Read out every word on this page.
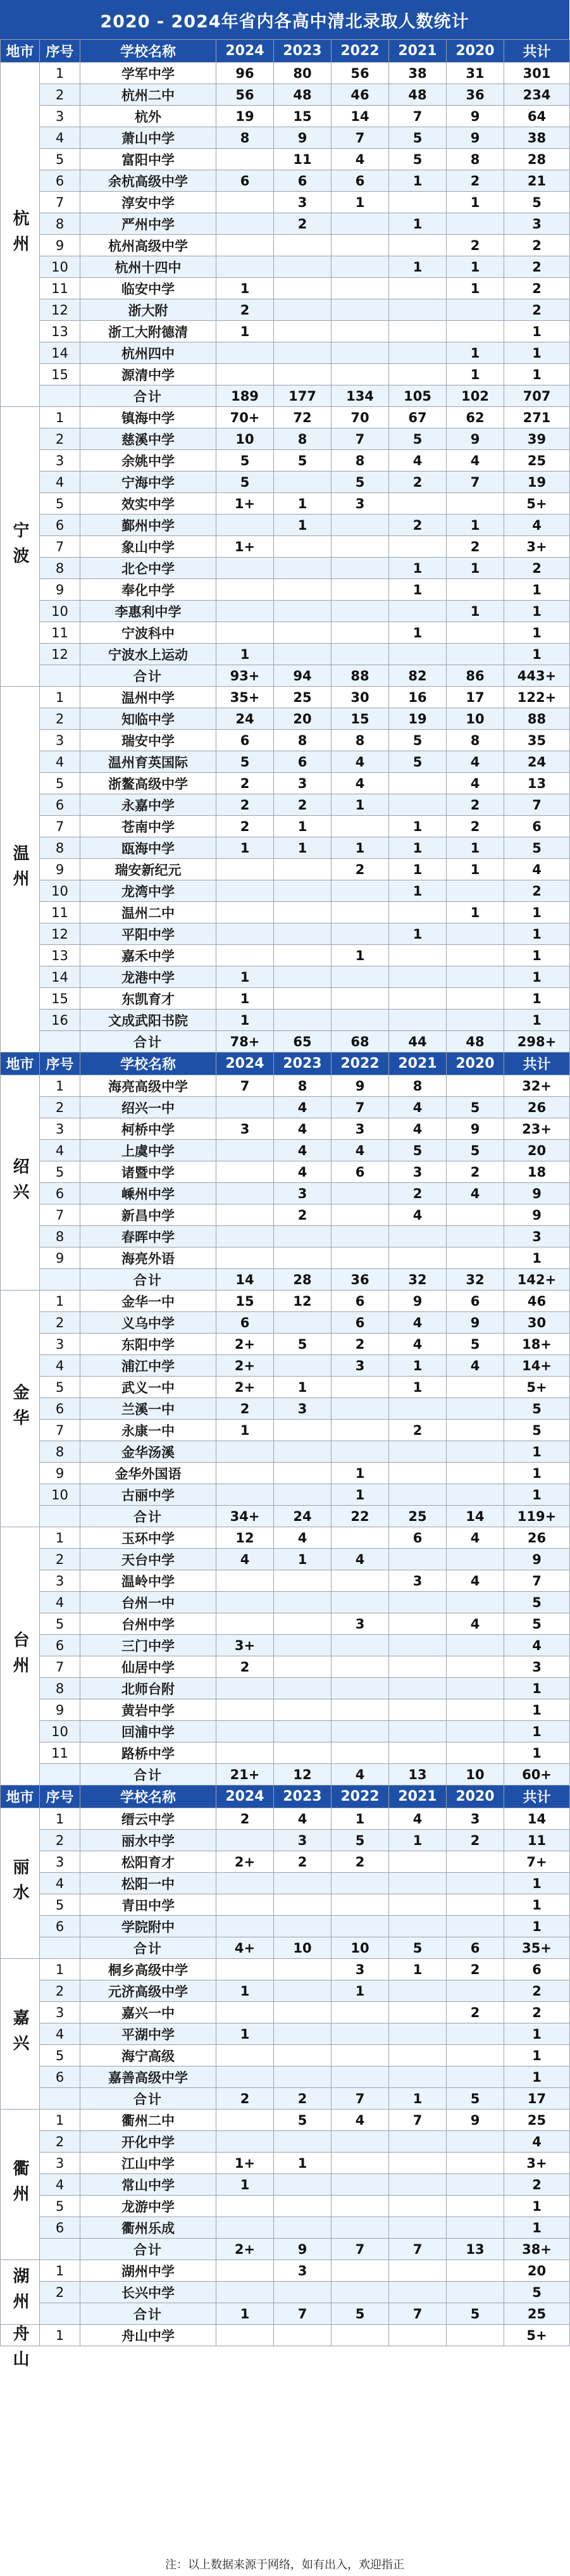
2020 - 2024年省内各高中清北录取人数统计
地市	序号	学校名称	2024	2023	2022	2021	2020	共计
杭州	1	学军中学	96	80	56	38	31	301
	2	杭州二中	56	48	46	48	36	234
	3	杭外	19	15	14	7	9	64
	4	萧山中学	8	9	7	5	9	38
	5	富阳中学		11	4	5	8	28
	6	余杭高级中学	6	6	6	1	2	21
	7	淳安中学		3	1		1	5
	8	严州中学		2		1		3
	9	杭州高级中学					2	2
	10	杭州十四中				1	1	2
	11	临安中学	1				1	2
	12	浙大附	2					2
	13	浙工大附德清	1					1
	14	杭州四中					1	1
	15	源清中学					1	1
		合计	189	177	134	105	102	707
宁波	1	镇海中学	70+	72	70	67	62	271
	2	慈溪中学	10	8	7	5	9	39
	3	余姚中学	5	5	8	4	4	25
	4	宁海中学	5		5	2	7	19
	5	效实中学	1+	1	3			5+
	6	鄞州中学		1		2	1	4
	7	象山中学	1+				2	3+
	8	北仑中学				1	1	2
	9	奉化中学				1		1
	10	李惠利中学					1	1
	11	宁波科中				1		1
	12	宁波水上运动	1					1
		合计	93+	94	88	82	86	443+
温州	1	温州中学	35+	25	30	16	17	122+
	2	知临中学	24	20	15	19	10	88
	3	瑞安中学	6	8	8	5	8	35
	4	温州育英国际	5	6	4	5	4	24
	5	浙鳌高级中学	2	3	4		4	13
	6	永嘉中学	2	2	1		2	7
	7	苍南中学	2	1		1	2	6
	8	瓯海中学	1	1	1	1	1	5
	9	瑞安新纪元			2	1	1	4
	10	龙湾中学				1		2
	11	温州二中					1	1
	12	平阳中学				1		1
	13	嘉禾中学			1			1
	14	龙港中学	1					1
	15	东凯育才	1					1
	16	文成武阳书院	1					1
		合计	78+	65	68	44	48	298+
地市	序号	学校名称	2024	2023	2022	2021	2020	共计
绍兴	1	海亮高级中学	7	8	9	8		32+
	2	绍兴一中		4	7	4	5	26
	3	柯桥中学	3	4	3	4	9	23+
	4	上虞中学		4	4	5	5	20
	5	诸暨中学		4	6	3	2	18
	6	嵊州中学		3		2	4	9
	7	新昌中学		2		4		9
	8	春晖中学						3
	9	海亮外语						1
		合计	14	28	36	32	32	142+
金华	1	金华一中	15	12	6	9	6	46
	2	义乌中学	6		6	4	9	30
	3	东阳中学	2+	5	2	4	5	18+
	4	浦江中学	2+		3	1	4	14+
	5	武义一中	2+	1		1		5+
	6	兰溪一中	2	3				5
	7	永康一中	1			2		5
	8	金华汤溪						1
	9	金华外国语			1			1
	10	古丽中学			1			1
		合计	34+	24	22	25	14	119+
台州	1	玉环中学	12	4		6	4	26
	2	天台中学	4	1	4			9
	3	温岭中学				3	4	7
	4	台州一中						5
	5	台州中学			3		4	5
	6	三门中学	3+					4
	7	仙居中学	2					3
	8	北师台附						1
	9	黄岩中学						1
	10	回浦中学						1
	11	路桥中学						1
		合计	21+	12	4	13	10	60+
地市	序号	学校名称	2024	2023	2022	2021	2020	共计
丽水	1	缙云中学	2	4	1	4	3	14
	2	丽水中学		3	5	1	2	11
	3	松阳育才	2+	2	2			7+
	4	松阳一中						1
	5	青田中学						1
	6	学院附中						1
		合计	4+	10	10	5	6	35+
嘉兴	1	桐乡高级中学			3	1	2	6
	2	元济高级中学	1		1			2
	3	嘉兴一中					2	2
	4	平湖中学	1					1
	5	海宁高级						1
	6	嘉善高级中学						1
		合计	2	2	7	1	5	17
衢州	1	衢州二中		5	4	7	9	25
	2	开化中学						4
	3	江山中学	1+	1				3+
	4	常山中学	1					2
	5	龙游中学						1
	6	衢州乐成						1
		合计	2+	9	7	7	13	38+
湖州	1	湖州中学		3				20
	2	长兴中学						5
		合计	1	7	5	7	5	25
舟山	1	舟山中学						5+
注：以上数据来源于网络，如有出入，欢迎指正
